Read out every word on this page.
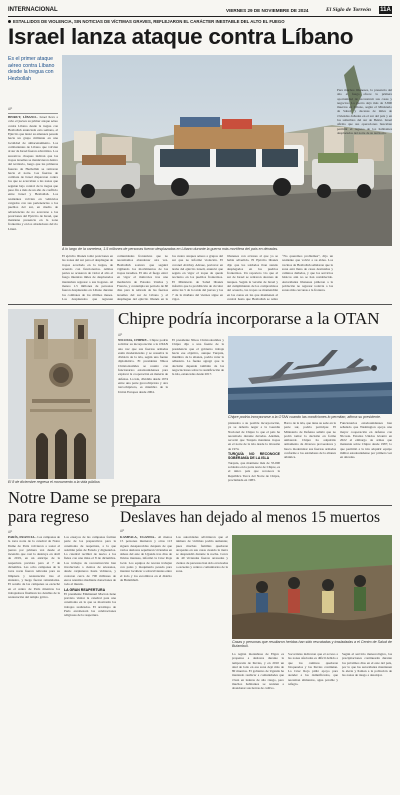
INTERNACIONAL	VIERNES 29 DE NOVIEMBRE DE 2024	El Siglo de Torreón 11A
ESTALLIDOS DE VIOLENCIA, SIN NOTICIAS DE VÍCTIMAS GRAVES, REFLEJARON EL CARÁCTER INESTABLE DEL ALTO EL FUEGO
Israel lanza ataque contra Líbano
Es el primer ataque aéreo contra Líbano desde la tregua con Hezbollah
AP
BEIRUT, LÍBANO.- Israel lleva a cabo el jueves su primer ataque aéreo contra Líbano desde la tregua con Hezbollah anunciada esta semana, el Ejército que lanzó su amenaza pesada hacia un grupo militante en una localidad de almacenamiento. Los combatientes de Líbano que volvían al sur de Israel fueron advertidos. Los sucesivos choques indican que las tropas israelíes se mantuvieron dentro del territorio, luego que las primeras fuerzas de Hezbollah se retiraron hacia el norte. Las fuerzas de combate de Israel dispararon contra los que se acercaban a las zonas que seguían bajo control de la tregua que puso fin a más de un año de conflicto entre Israel y Hezbollah. Los residentes volvían en vehículos cargados con sus pertenencias a los pueblos del sur, en medio de advertencias de no acercarse a las posiciones del Ejército de Israel, que mantiene presencia en la zona fronteriza y en los alrededores del río Litani.
A lo largo de la carretera, 1.5 millones de personas fueron desplazadas en Líbano durante la guerra más mortífera del país en décadas.
El ejército libanés tomó posiciones en las zonas del sur para el despliegue de tropas acordado en la tregua, de acuerdo con funcionarios. Ambas partes se acusaron de violar el alto el fuego mientras miles de desplazados intentaban regresar a sus hogares. Al menos 1.5 millones de personas fueron desplazadas en Líbano durante los combates de los últimos meses. Los desplazados que regresan
comunidades fronterizas que no necesitamos abandonar otra vez. Hezbollah sostuvo que seguirá vigilando los movimientos de las tropas israelíes. El alto el fuego entró en vigor el miércoles tras una mediación de Estados Unidos y Francia, y contempla un periodo de 60 días para la retirada de las fuerzas israelíes del sur de Líbano y el despliegue del ejército libanés en la
los cuatro ataques aéreos a grupos del sur que no informó violación. El coronel Avichay Adraee, portavoz en árabe del ejército israelí, anunció que seguía en vigor el toque de queda nocturno en los pueblos fronterizos. El Ministerio de Salud libanés informó que la prohibición de circular entre las 5 de la tarde del jueves y las 7 de la mañana del viernes sigue en vigor.
libaneses con aviones al que ya se había advertido. El Ejército libanés dijo que los soldados iban siendo desplegados en los pueblos fronterizos. Un reportero vio que al sur de Israel se retiraron decenas de tanques. Según la versión de Israel y del cumplimiento de los compromisos del acuerdo, las tropas se mantendrán en las zonas en las que mantienen el control hasta que Hezbollah se retire
“No queremos problemas”, dijo un residente que volvió a su aldea. Los vecinos de Hezbollah señalaron que la zona está llena de casas destruidas y caminos dañados, y que los servicios básicos aún no se han restablecido. Autoridades libanesas pidieron a la población no regresar todavía a las zonas más cercanas a la frontera.
Para muchos libaneses, la presencia del alto el fuego ofrece la primera oportunidad de reconstruir sus casas y negocios. La guerra dejó más de 3.800 muertos en Líbano, según el Ministerio de Salud, y decenas de miles de viviendas dañadas en el sur del país y en los suburbios del sur de Beirut. Israel afirma que sus operaciones buscaban permitir el regreso de los habitantes desplazados del norte de su territorio.
Chipre podría incorporarse a la OTAN
AP
NICOSIA, CHIPRE.- Chipre podría solicitar su incorporación a la OTAN una vez que sus fuerzas armadas estén modernizadas y se resuelva la división de la isla, según una fuente diplomática. El presidente Nikos Christodoulides se reunió con funcionarios estadounidenses para explorar la cooperación en materia de defensa. La isla, dividida desde 1974 entre una parte grecochipriota y otra turcochipriota, es miembro de la Unión Europea desde 2004.
El presidente Nikos Christodoulides y Chipre dijo a una fuente de la presidencia que el gobierno trabaja hacia ese objetivo, aunque Turquía, miembro de la alianza, podría vetar la adhesión. La fuente agregó que la decisión depende también de las negociaciones sobre la reunificación de la isla, estancadas desde 2017.
Chipre podría incorporarse a la OTAN cuando las condiciones lo permitan, afirma su presidente.
planteaba a su posible incorporación, ya se debería negar a la Guardia Nacional de Chipre lo que el país ha necesitado durante décadas. Además, recordó que Turquía mantiene tropas en el norte de la isla desde la invasión de 1974.
TURQUÍA NO RECONOCE SOBERANÍA DE LA ISLA
Turquía, que mantiene más de 35.000 soldados en la parte norte de Chipre, es el único país que reconoce la República Turca del Norte de Chipre, proclamada en 1983.
Barco de la isla, que tiene su sede en la parte sur, podría participar. El Ministerio de Defensa señaló que no podrá tomar la decisión en forma unilateral. Chipre ha adquirido armamento de diversos proveedores y busca modernizar sus fuerzas armadas conforme a los estándares de la alianza atlántica.
Funcionarios estadounidenses han señalado que Washington apoya una mayor cooperación en defensa con Nicosia. Estados Unidos levantó en 2022 el embargo de armas que mantenía sobre Chipre desde 1987, lo que permitió a la isla adquirir equipo militar estadounidense por primera vez en décadas.
El 8 de diciembre regresa el monumento a la vida pública.
Notre Dame se prepara para regreso
AP
PARÍS, FRANCIA.- Las campanas de la torre norte de la catedral de Notre Dame de París volvieron a sonar el jueves por primera vez desde el incendio que casi la destruye en abril de 2019, en un anticipo de la reapertura prevista para el 7 de diciembre. Las ocho campanas de la torre norte fueron retiradas para su limpieza y restauración tras el siniestro, y luego fueron reinstaladas. El sonido de las campanas se escuchó en el centro de París mientras los trabajadores finalizan los detalles de la restauración del templo gótico.
Los ensayos de las campanas forman parte de los preparativos para la ceremonia de reapertura, a la que asistirán jefes de Estado y dignatarios. La catedral recibirá de nuevo a los fieles con una misa el 8 de diciembre. Los trabajos de reconstrucción han involucrado a cientos de artesanos, desde carpinteros hasta vidrieros, y costaron cerca de 700 millones de euros reunidos mediante donaciones de todo el mundo.
LA GRAN REAPERTURA
El presidente Emmanuel Macron tiene previsto visitar la catedral para una ceremonia en la que se mostrarán los trabajos realizados. El arzobispo de París encabezará las celebraciones religiosas de la reapertura.
Deslaves han dejado al menos 15 muertos
AP
KAMPALA, UGANDA.- Al menos 15 personas murieron y otras 113 siguen desaparecidas después de que varios deslaves sepultaran viviendas en aldeas del este de Uganda tras días de lluvias intensas, informó la Cruz Roja local. Los equipos de rescate trabajan con palas y maquinaria pesada para intentar localizar a sobrevivientes entre el lodo y los escombros en el distrito de Bulambuli.
Las autoridades advirtieron que el número de víctimas podría aumentar, pues muchas familias quedaron atrapadas en sus casas cuando la tierra se desprendió durante la noche. Cerca de 40 viviendas fueron arrasadas y cientos de personas han sido evacuadas a escuelas y centros comunitarios de la zona.
Casas y personas que resultaron heridas han sido rescatadas y trasladadas a el Centro de Salud de Bulambuli.
La región montañosa de Elgon es propensa a deslaves durante la temporada de lluvias, y en 2010 un alud de lodo en esa zona dejó más de 80 muertos. El gobierno de Uganda ha intentado reubicar a comunidades que viven en laderas de alto riesgo, pero muchos habitantes se resisten a abandonar sus tierras de cultivo.
Socorristas indicaron que el acceso a las zonas afectadas es difícil debido a que los caminos quedaron bloqueados y las lluvias continúan. La Cruz Roja pidió apoyo para atender a los damnificados, que necesitan alimentos, agua potable y refugio.
Según el servicio meteorológico, las precipitaciones continuarán durante los próximos días en el este del país, por lo que las autoridades mantienen la alerta y llaman a la población de las zonas de riesgo a desalojar.
